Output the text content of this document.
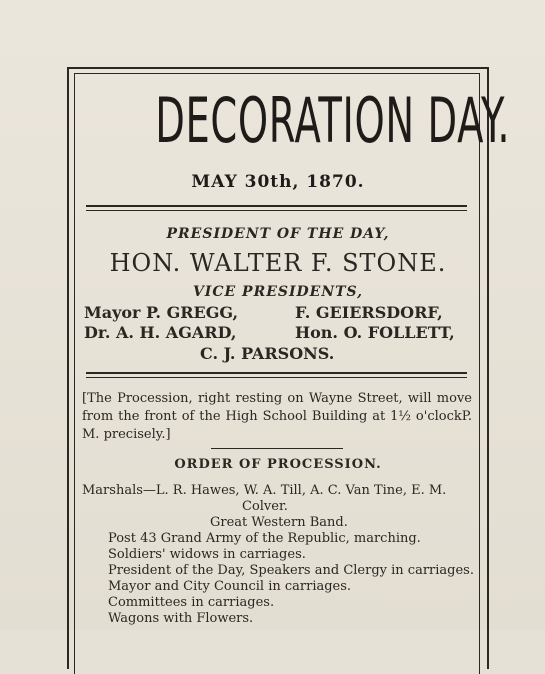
DECORATION DAY.
MAY 30th, 1870.
PRESIDENT OF THE DAY,
HON. WALTER F. STONE.
VICE PRESIDENTS,
Mayor P. GREGG,	F. GEIERSDORF,
Dr. A. H. AGARD,	Hon. O. FOLLETT,
C. J. PARSONS.
[The Procession, right resting on Wayne Street, will move from the front of the High School Building at 1½ o'clockP. M. precisely.]
ORDER OF PROCESSION.
Marshals—L. R. Hawes, W. A. Till, A. C. Van Tine, E. M.
Colver.
Great Western Band.
Post 43 Grand Army of the Republic, marching.
Soldiers' widows in carriages.
President of the Day, Speakers and Clergy in carriages.
Mayor and City Council in carriages.
Committees in carriages.
Wagons with Flowers.
